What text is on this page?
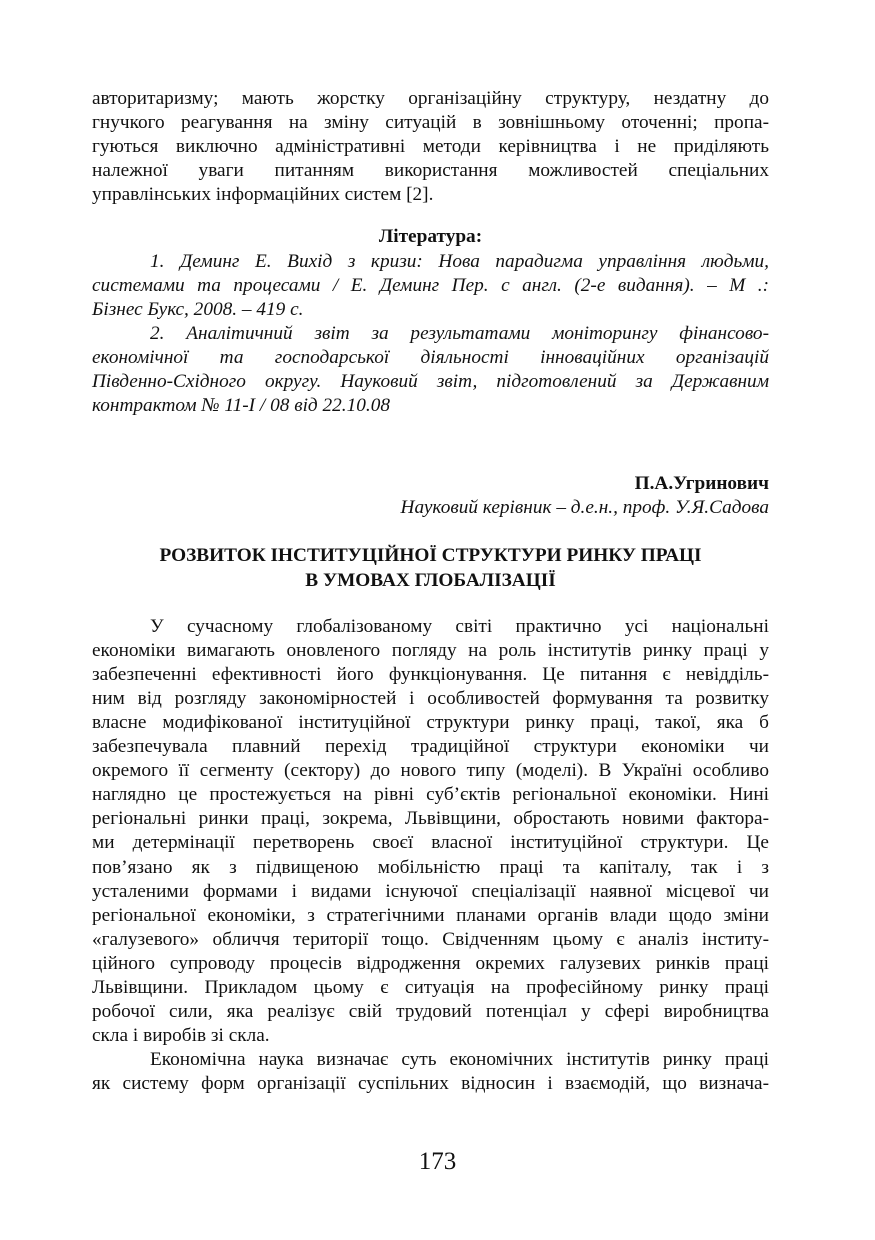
авторитаризму; мають жорстку організаційну структуру, нездатну до
гнучкого реагування на зміну ситуацій в зовнішньому оточенні; пропа-
гуються виключно адміністративні методи керівництва і не приділяють
належної уваги питанням використання можливостей спеціальних
управлінських інформаційних систем [2].
Література:
1. Деминг Е. Вихід з кризи: Нова парадигма управління людьми,
системами та процесами / Е. Деминг Пер. с англ. (2-е видання). – М .:
Бізнес Букс, 2008. – 419 с.
2. Аналітичний звіт за результатами моніторингу фінансово-
економічної та господарської діяльності інноваційних організацій
Південно-Східного округу. Науковий звіт, підготовлений за Державним
контрактом № 11-І / 08 від 22.10.08
П.А.Угринович
Науковий керівник – д.е.н., проф. У.Я.Садова
РОЗВИТОК ІНСТИТУЦІЙНОЇ СТРУКТУРИ РИНКУ ПРАЦІ
В УМОВАХ ГЛОБАЛІЗАЦІЇ
У сучасному глобалізованому світі практично усі національні
економіки вимагають оновленого погляду на роль інститутів ринку праці у
забезпеченні ефективності його функціонування. Це питання є невідділь-
ним від розгляду закономірностей і особливостей формування та розвитку
власне модифікованої інституційної структури ринку праці, такої, яка б
забезпечувала плавний перехід традиційної структури економіки чи
окремого її сегменту (сектору) до нового типу (моделі). В Україні особливо
наглядно це простежується на рівні суб’єктів регіональної економіки. Нині
регіональні ринки праці, зокрема, Львівщини, обростають новими фактора-
ми детермінації перетворень своєї власної інституційної структури. Це
пов’язано як з підвищеною мобільністю праці та капіталу, так і з
усталеними формами і видами існуючої спеціалізації наявної місцевої чи
регіональної економіки, з стратегічними планами органів влади щодо зміни
«галузевого» обличчя території тощо. Свідченням цьому є аналіз інститу-
ційного супроводу процесів відродження окремих галузевих ринків праці
Львівщини. Прикладом цьому є ситуація на професійному ринку праці
робочої сили, яка реалізує свій трудовий потенціал у сфері виробництва
скла і виробів зі скла.
Економічна наука визначає суть економічних інститутів ринку праці
як систему форм організації суспільних відносин і взаємодій, що визнача-
173
